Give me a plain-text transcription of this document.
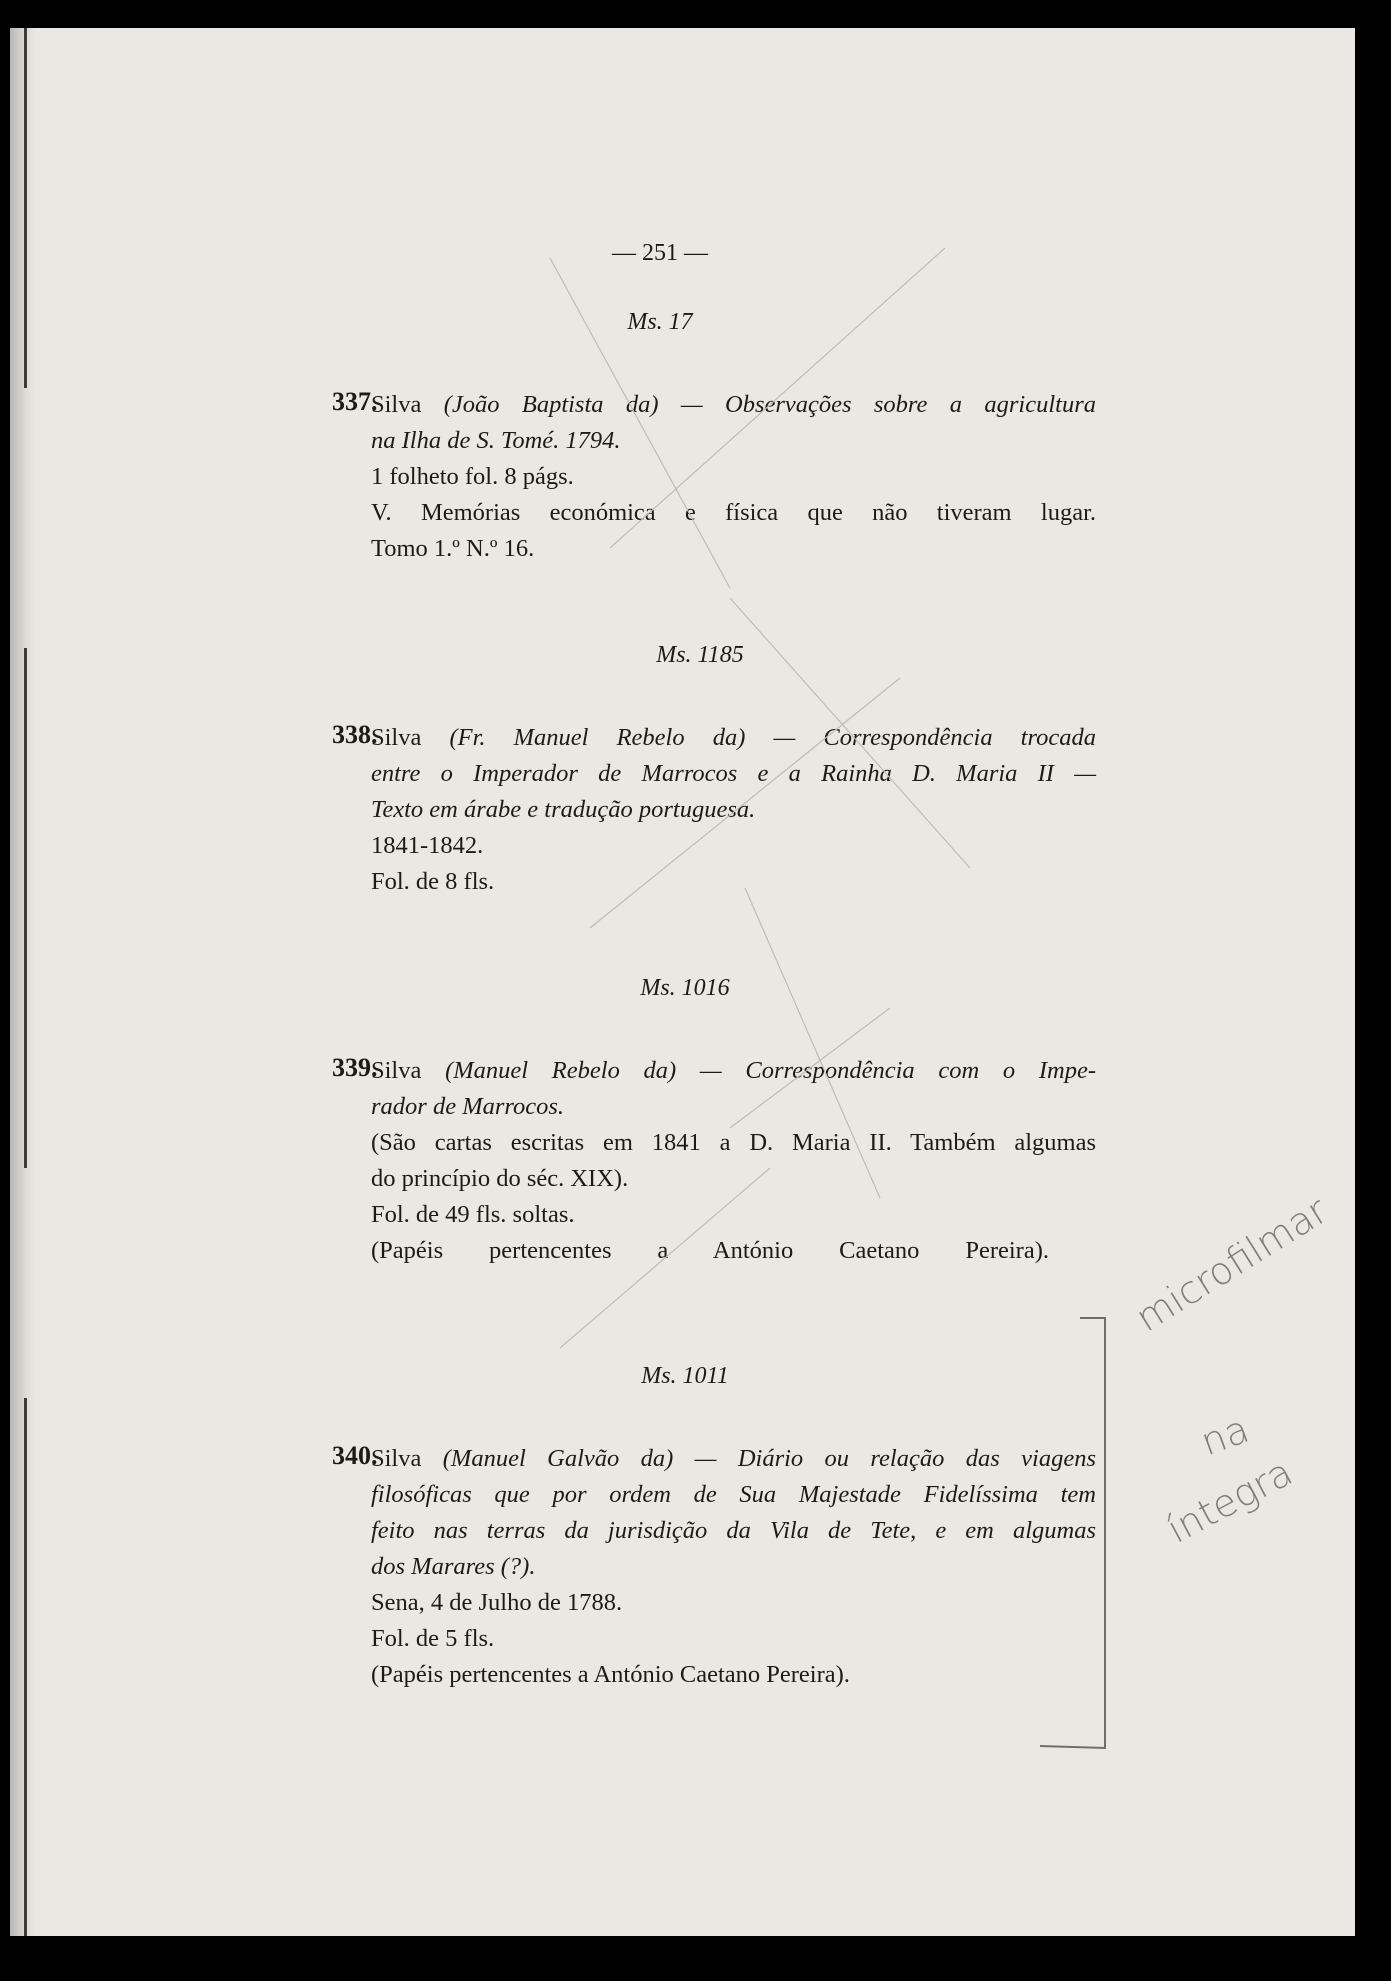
— 251 —
Ms. 17
337.
Silva (João Baptista da) — Observações sobre a agricultura
na Ilha de S. Tomé. 1794.
1 folheto fol. 8 págs.
V. Memórias económica e física que não tiveram lugar.
Tomo 1.º N.º 16.
Ms. 1185
338.
Silva (Fr. Manuel Rebelo da) — Correspondência trocada
entre o Imperador de Marrocos e a Rainha D. Maria II —
Texto em árabe e tradução portuguesa.
1841-1842.
Fol. de 8 fls.
Ms. 1016
339.
Silva (Manuel Rebelo da) — Correspondência com o Impe-
rador de Marrocos.
(São cartas escritas em 1841 a D. Maria II. Também algumas
do princípio do séc. XIX).
Fol. de 49 fls. soltas.
(Papéis pertencentes a António Caetano Pereira).
Ms. 1011
340.
Silva (Manuel Galvão da) — Diário ou relação das viagens
filosóficas que por ordem de Sua Majestade Fidelíssima tem
feito nas terras da jurisdição da Vila de Tete, e em algumas
dos Marares (?).
Sena, 4 de Julho de 1788.
Fol. de 5 fls.
(Papéis pertencentes a António Caetano Pereira).
microfilmar
na
íntegra
